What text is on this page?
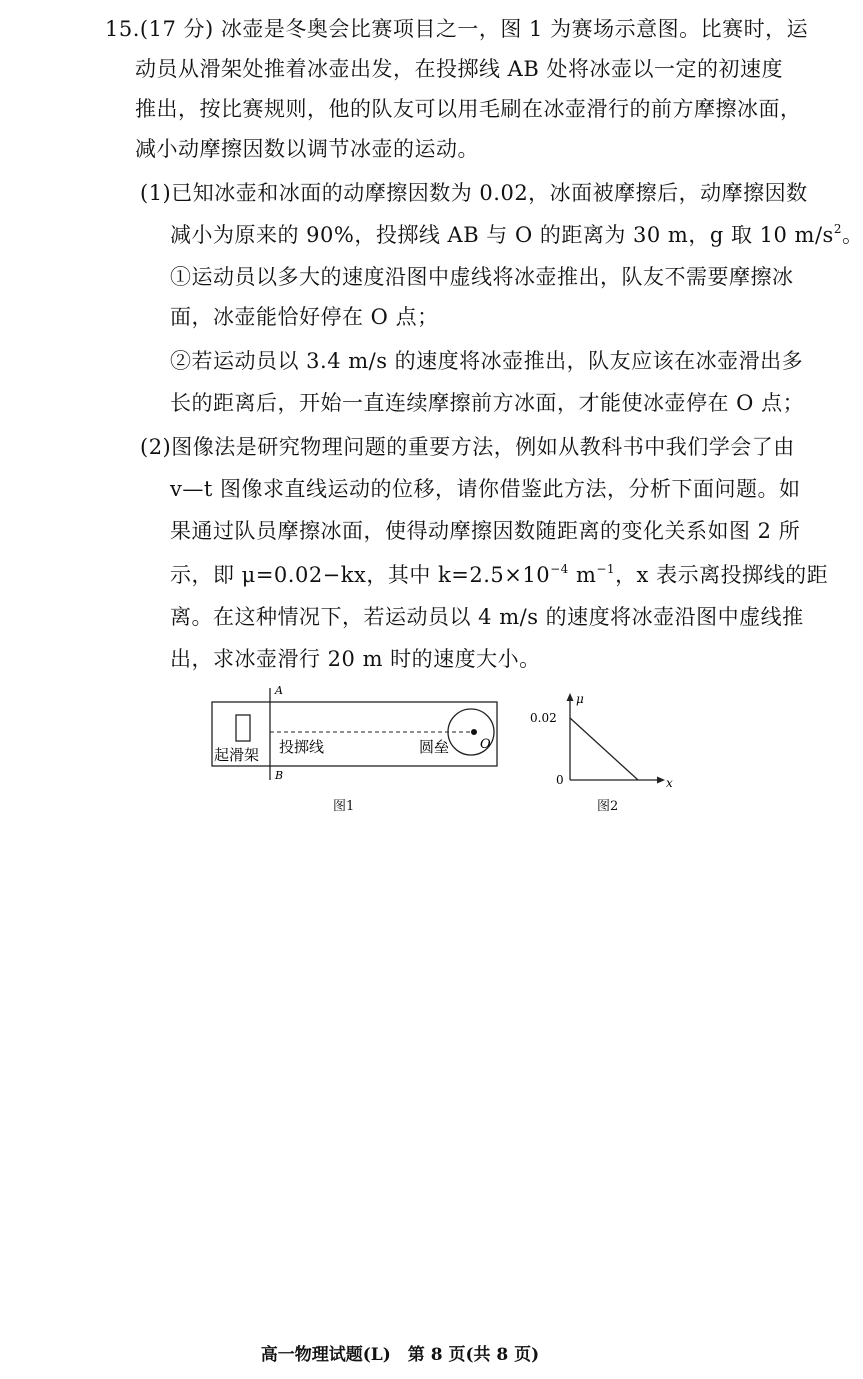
15.(17 分) 冰壶是冬奥会比赛项目之一，图 1 为赛场示意图。比赛时，运
动员从滑架处推着冰壶出发，在投掷线 AB 处将冰壶以一定的初速度
推出，按比赛规则，他的队友可以用毛刷在冰壶滑行的前方摩擦冰面，
减小动摩擦因数以调节冰壶的运动。
(1)已知冰壶和冰面的动摩擦因数为 0.02，冰面被摩擦后，动摩擦因数
减小为原来的 90%，投掷线 AB 与 O 的距离为 30 m，g 取 10 $m/s^2$。
①运动员以多大的速度沿图中虚线将冰壶推出，队友不需要摩擦冰
面，冰壶能恰好停在 O 点；
②若运动员以 3.4 m/s 的速度将冰壶推出，队友应该在冰壶滑出多
长的距离后，开始一直连续摩擦前方冰面，才能使冰壶停在 O 点；
(2)图像法是研究物理问题的重要方法，例如从教科书中我们学会了由
v—t 图像求直线运动的位移，请你借鉴此方法，分析下面问题。如
果通过队员摩擦冰面，使得动摩擦因数随距离的变化关系如图 2 所
示，即 μ=0.02−kx，其中 $k=2.5\times 10^{-4}$ $m^{-1}$，x 表示离投掷线的距
离。在这种情况下，若运动员以 4 m/s 的速度将冰壶沿图中虚线推
出，求冰壶滑行 20 m 时的速度大小。
A
B
起滑架 投掷线	圆垒 O
图1
μ
x
0.02
0
图2
高一物理试题(L)　第 8 页(共 8 页)
